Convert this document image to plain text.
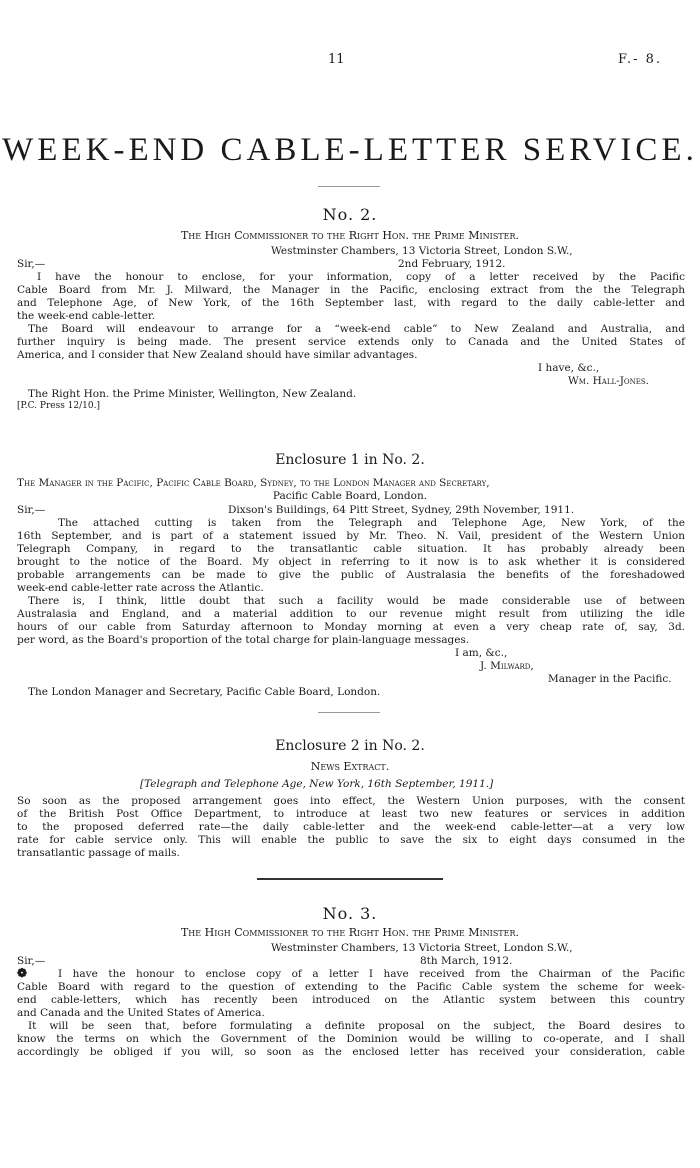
11	F.- 8.
WEEK-END CABLE-LETTER SERVICE.
No. 2.
The High Commissioner to the Right Hon. the Prime Minister.
Westminster Chambers, 13 Victoria Street, London S.W.,
Sir,—	2nd February, 1912.
I have the honour to enclose, for your information, copy of a letter received by the Pacific
Cable Board from Mr. J. Milward, the Manager in the Pacific, enclosing extract from the the Telegraph
and Telephone Age, of New York, of the 16th September last, with regard to the daily cable-letter and
the week-end cable-letter.
The Board will endeavour to arrange for a “week-end cable” to New Zealand and Australia, and
further inquiry is being made. The present service extends only to Canada and the United States of
America, and I consider that New Zealand should have similar advantages.
I have, &c.,
Wm. Hall-Jones.
The Right Hon. the Prime Minister, Wellington, New Zealand.
[P.C. Press 12/10.]
Enclosure 1 in No. 2.
The Manager in the Pacific, Pacific Cable Board, Sydney, to the London Manager and Secretary,
Pacific Cable Board, London.
Sir,—	Dixson's Buildings, 64 Pitt Street, Sydney, 29th November, 1911.
The attached cutting is taken from the Telegraph and Telephone Age, New York, of the
16th September, and is part of a statement issued by Mr. Theo. N. Vail, president of the Western Union
Telegraph Company, in regard to the transatlantic cable situation. It has probably already been
brought to the notice of the Board. My object in referring to it now is to ask whether it is considered
probable arrangements can be made to give the public of Australasia the benefits of the foreshadowed
week-end cable-letter rate across the Atlantic.
There is, I think, little doubt that such a facility would be made considerable use of between
Australasia and England, and a material addition to our revenue might result from utilizing the idle
hours of our cable from Saturday afternoon to Monday morning at even a very cheap rate of, say, 3d.
per word, as the Board's proportion of the total charge for plain-language messages.
I am, &c.,
J. Milward,
Manager in the Pacific.
The London Manager and Secretary, Pacific Cable Board, London.
Enclosure 2 in No. 2.
News Extract.
[Telegraph and Telephone Age, New York, 16th September, 1911.]
So soon as the proposed arrangement goes into effect, the Western Union purposes, with the consent
of the British Post Office Department, to introduce at least two new features or services in addition
to the proposed deferred rate—the daily cable-letter and the week-end cable-letter—at a very low
rate for cable service only. This will enable the public to save the six to eight days consumed in the
transatlantic passage of mails.
No. 3.
The High Commissioner to the Right Hon. the Prime Minister.
Westminster Chambers, 13 Victoria Street, London S.W.,
Sir,—	8th March, 1912.
❁	I have the honour to enclose copy of a letter I have received from the Chairman of the Pacific
Cable Board with regard to the question of extending to the Pacific Cable system the scheme for week-
end cable-letters, which has recently been introduced on the Atlantic system between this country
and Canada and the United States of America.
It will be seen that, before formulating a definite proposal on the subject, the Board desires to
know the terms on which the Government of the Dominion would be willing to co-operate, and I shall
accordingly be obliged if you will, so soon as the enclosed letter has received your consideration, cable
